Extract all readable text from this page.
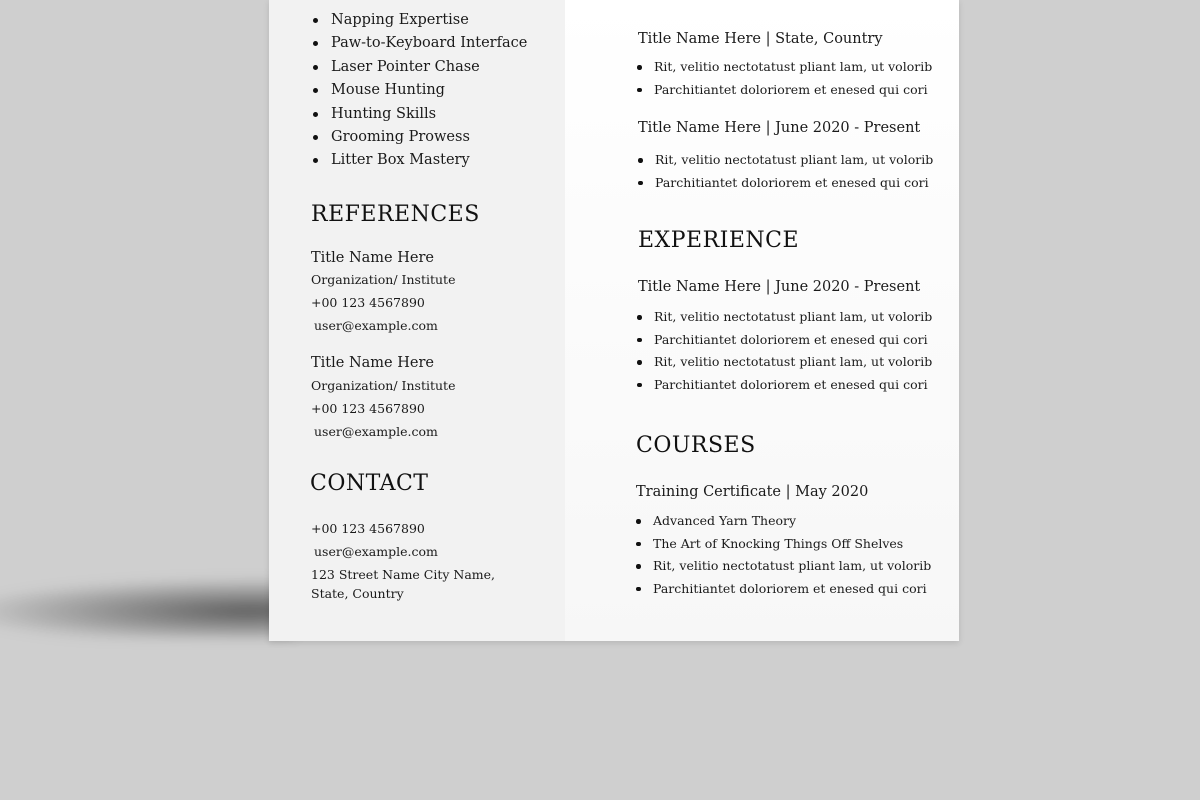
Napping Expertise
Paw-to-Keyboard Interface
Laser Pointer Chase
Mouse Hunting
Hunting Skills
Grooming Prowess
Litter Box Mastery
REFERENCES
Title Name Here
Organization/ Institute
+00 123 4567890
user@example.com
Title Name Here
Organization/ Institute
+00 123 4567890
user@example.com
CONTACT
+00 123 4567890
user@example.com
123 Street Name City Name,
State, Country
Title Name Here | State, Country
Rit, velitio nectotatust pliant lam, ut volorib
Parchitiantet doloriorem et enesed qui cori
Title Name Here | June 2020 - Present
Rit, velitio nectotatust pliant lam, ut volorib
Parchitiantet doloriorem et enesed qui cori
EXPERIENCE
Title Name Here | June 2020 - Present
Rit, velitio nectotatust pliant lam, ut volorib
Parchitiantet doloriorem et enesed qui cori
Rit, velitio nectotatust pliant lam, ut volorib
Parchitiantet doloriorem et enesed qui cori
COURSES
Training Certificate | May 2020
Advanced Yarn Theory
The Art of Knocking Things Off Shelves
Rit, velitio nectotatust pliant lam, ut volorib
Parchitiantet doloriorem et enesed qui cori
